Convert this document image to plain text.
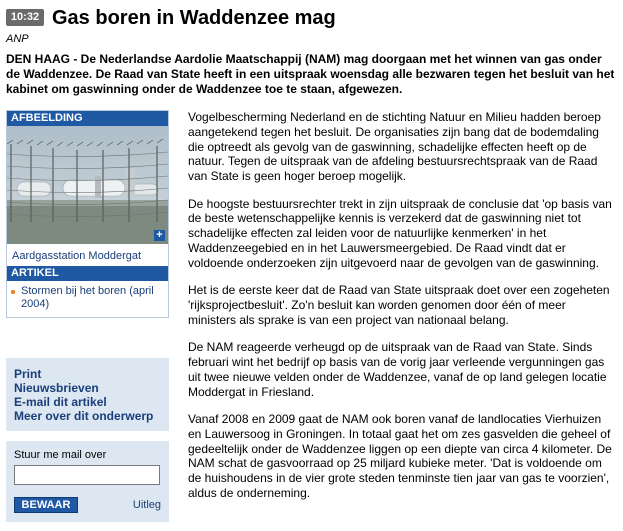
10:32 Gas boren in Waddenzee mag
ANP
DEN HAAG - De Nederlandse Aardolie Maatschappij (NAM) mag doorgaan met het winnen van gas onder de Waddenzee. De Raad van State heeft in een uitspraak woensdag alle bezwaren tegen het besluit van het kabinet om gaswinning onder de Waddenzee toe te staan, afgewezen.
AFBEELDING
+
Aardgasstation Moddergat
ARTIKEL
Stormen bij het boren (april 2004)
Print
Nieuwsbrieven
E-mail dit artikel
Meer over dit onderwerp
Stuur me mail over
BEWAAR	Uitleg

Vogelbescherming Nederland en de stichting Natuur en Milieu hadden beroep aangetekend tegen het besluit. De organisaties zijn bang dat de bodemdaling die optreedt als gevolg van de gaswinning, schadelijke effecten heeft op de natuur. Tegen de uitspraak van de afdeling bestuursrechtspraak van de Raad van State is geen hoger beroep mogelijk.

De hoogste bestuursrechter trekt in zijn uitspraak de conclusie dat 'op basis van de beste wetenschappelijke kennis is verzekerd dat de gaswinning niet tot schadelijke effecten zal leiden voor de natuurlijke kenmerken' in het Waddenzeegebied en in het Lauwersmeergebied. De Raad vindt dat er voldoende onderzoeken zijn uitgevoerd naar de gevolgen van de gaswinning.

Het is de eerste keer dat de Raad van State uitspraak doet over een zogeheten 'rijksprojectbesluit'. Zo'n besluit kan worden genomen door één of meer ministers als sprake is van een project van nationaal belang.

De NAM reageerde verheugd op de uitspraak van de Raad van State. Sinds februari wint het bedrijf op basis van de vorig jaar verleende vergunningen gas uit twee nieuwe velden onder de Waddenzee, vanaf de op land gelegen locatie Moddergat in Friesland.

Vanaf 2008 en 2009 gaat de NAM ook boren vanaf de landlocaties Vierhuizen en Lauwersoog in Groningen. In totaal gaat het om zes gasvelden die geheel of gedeeltelijk onder de Waddenzee liggen op een diepte van circa 4 kilometer. De NAM schat de gasvoorraad op 25 miljard kubieke meter. 'Dat is voldoende om de huishoudens in de vier grote steden tenminste tien jaar van gas te voorzien', aldus de onderneming.
